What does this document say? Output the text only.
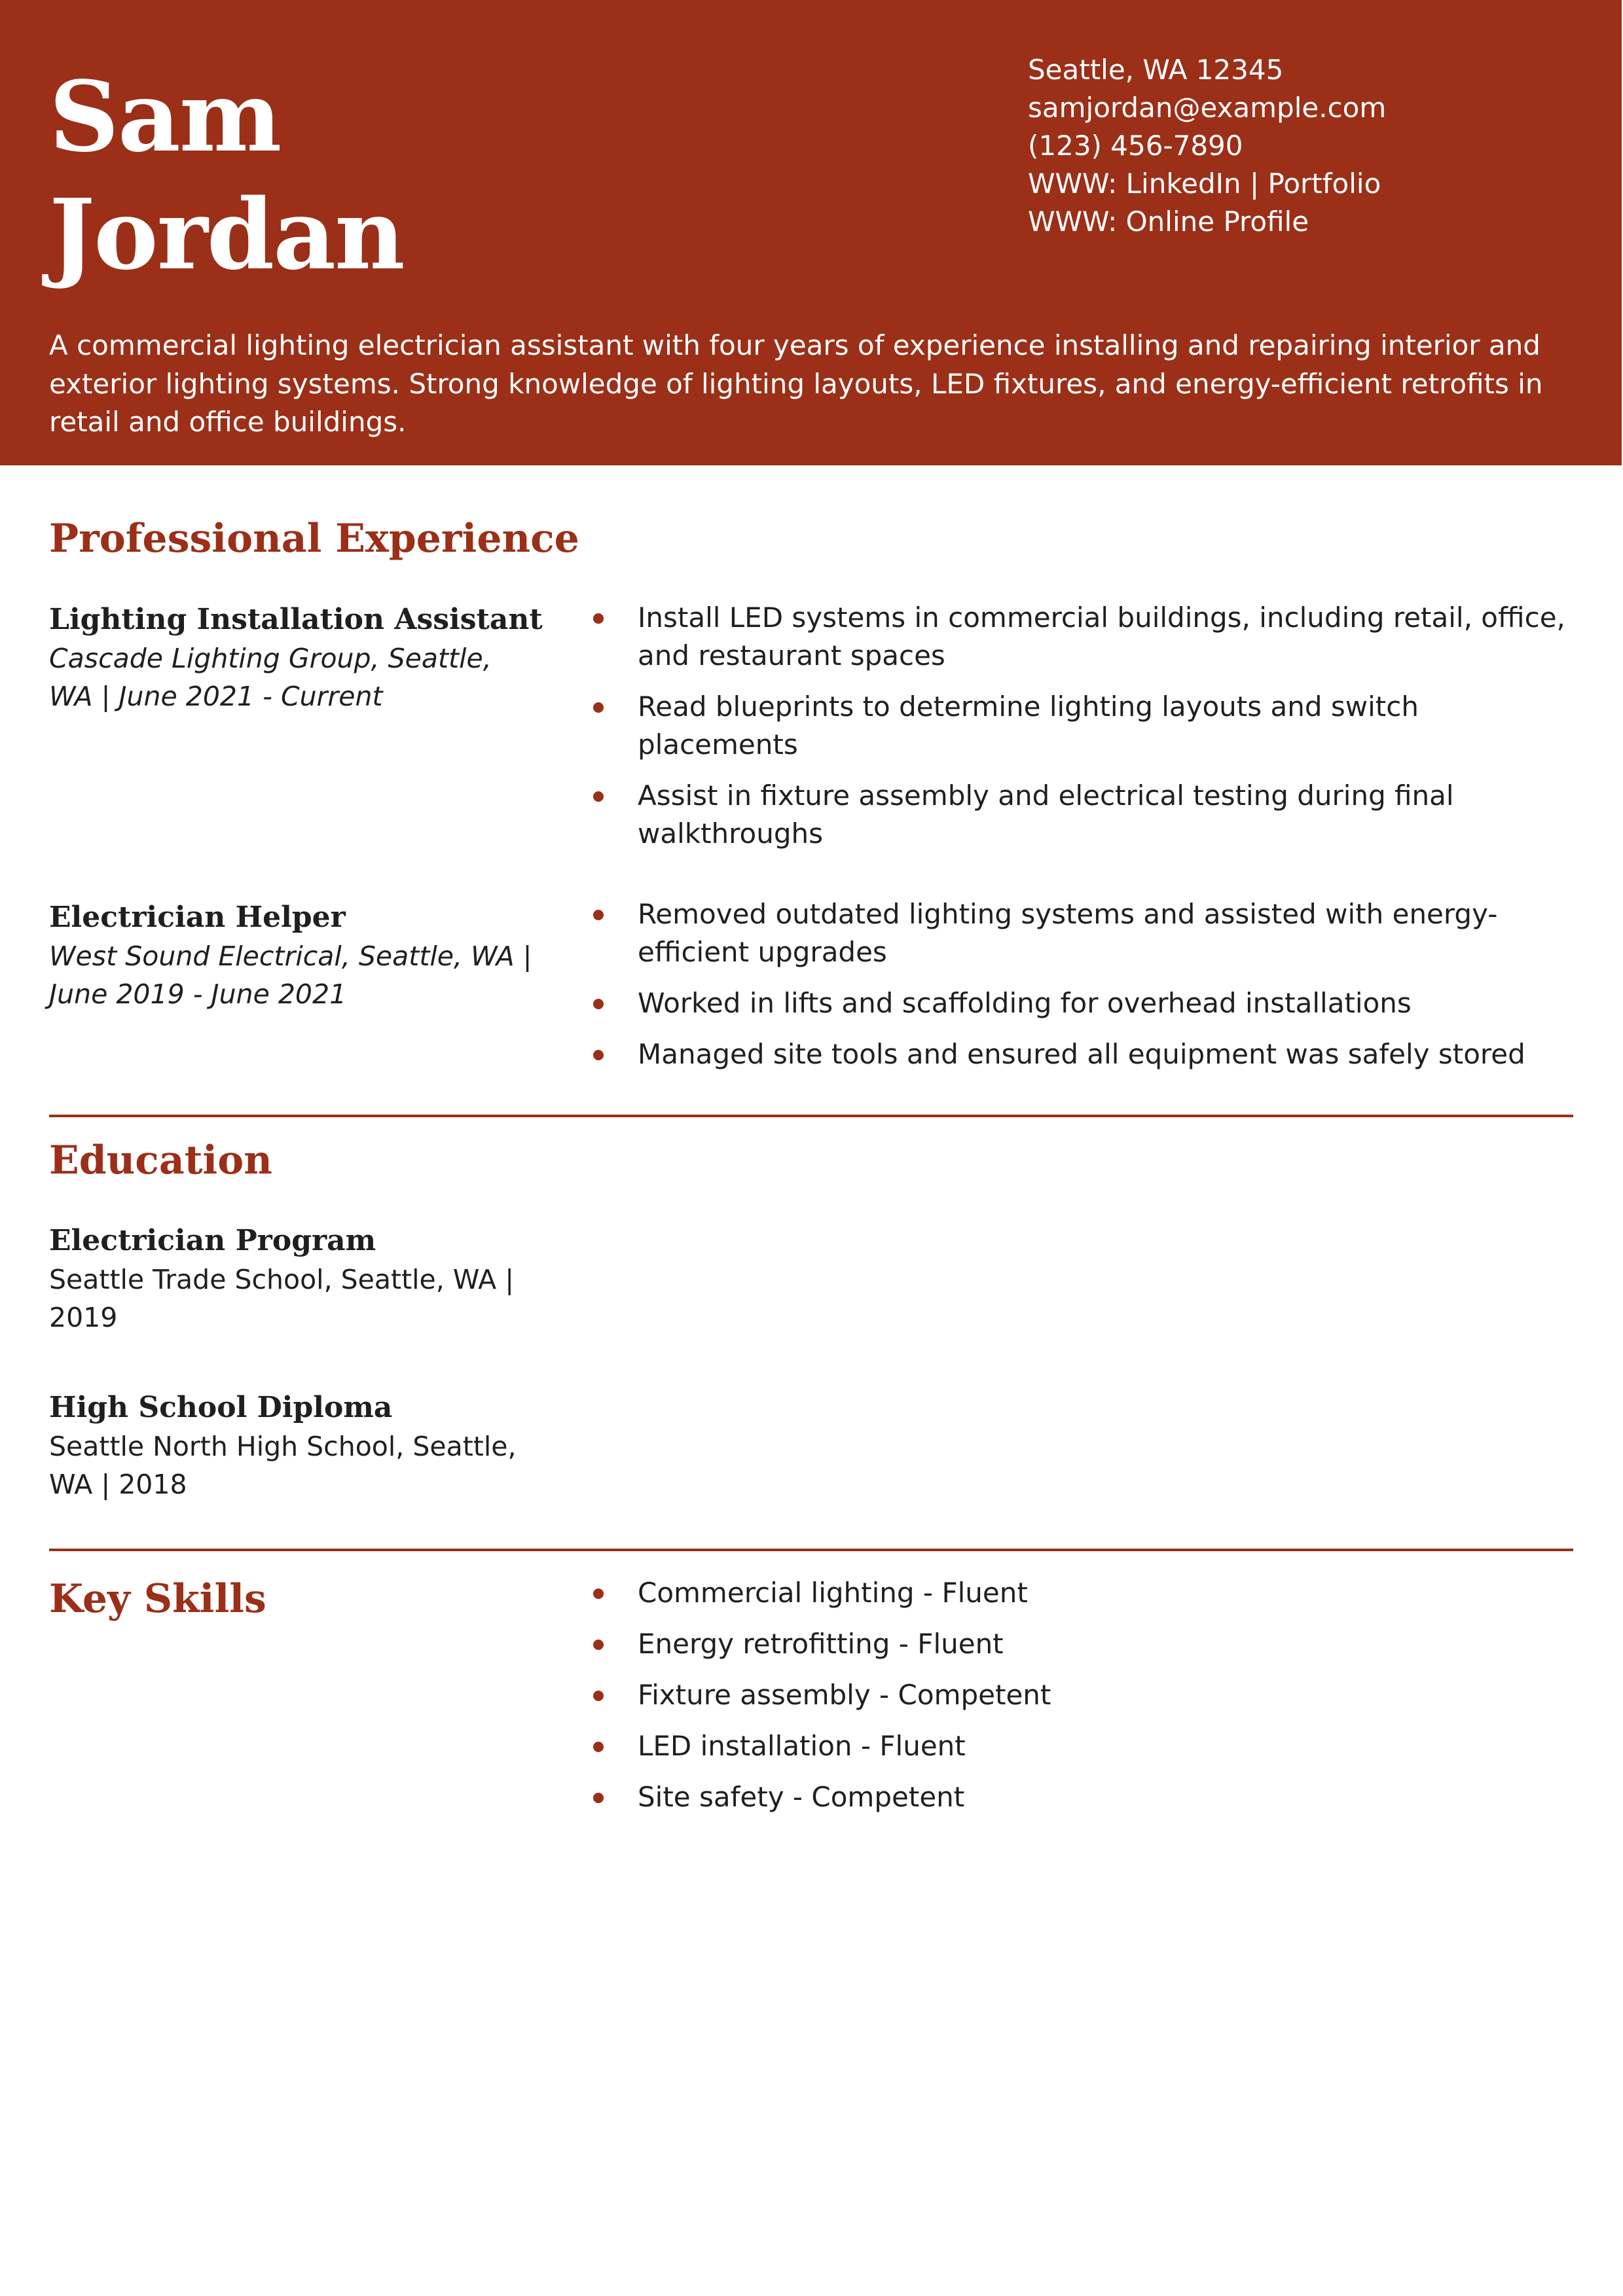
Sam
Jordan
Seattle, WA 12345
samjordan@example.com
(123) 456-7890
WWW: LinkedIn | Portfolio
WWW: Online Profile

A commercial lighting electrician assistant with four years of experience installing and repairing interior and exterior lighting systems. Strong knowledge of lighting layouts, LED fixtures, and energy-efficient retrofits in retail and office buildings.

Professional Experience

Lighting Installation Assistant

Cascade Lighting Group, Seattle,
WA | June 2021 - Current

Install LED systems in commercial buildings, including retail, office, and restaurant spaces
Read blueprints to determine lighting layouts and switch placements
Assist in fixture assembly and electrical testing during final walkthroughs

Electrician Helper

West Sound Electrical, Seattle, WA |
June 2019 - June 2021

Removed outdated lighting systems and assisted with energy-efficient upgrades
Worked in lifts and scaffolding for overhead installations
Managed site tools and ensured all equipment was safely stored
Education

Electrician Program

Seattle Trade School, Seattle, WA |
2019

High School Diploma

Seattle North High School, Seattle,
WA | 2018

Key Skills	Commercial lighting - Fluent
Energy retrofitting - Fluent
Fixture assembly - Competent
LED installation - Fluent
Site safety - Competent
